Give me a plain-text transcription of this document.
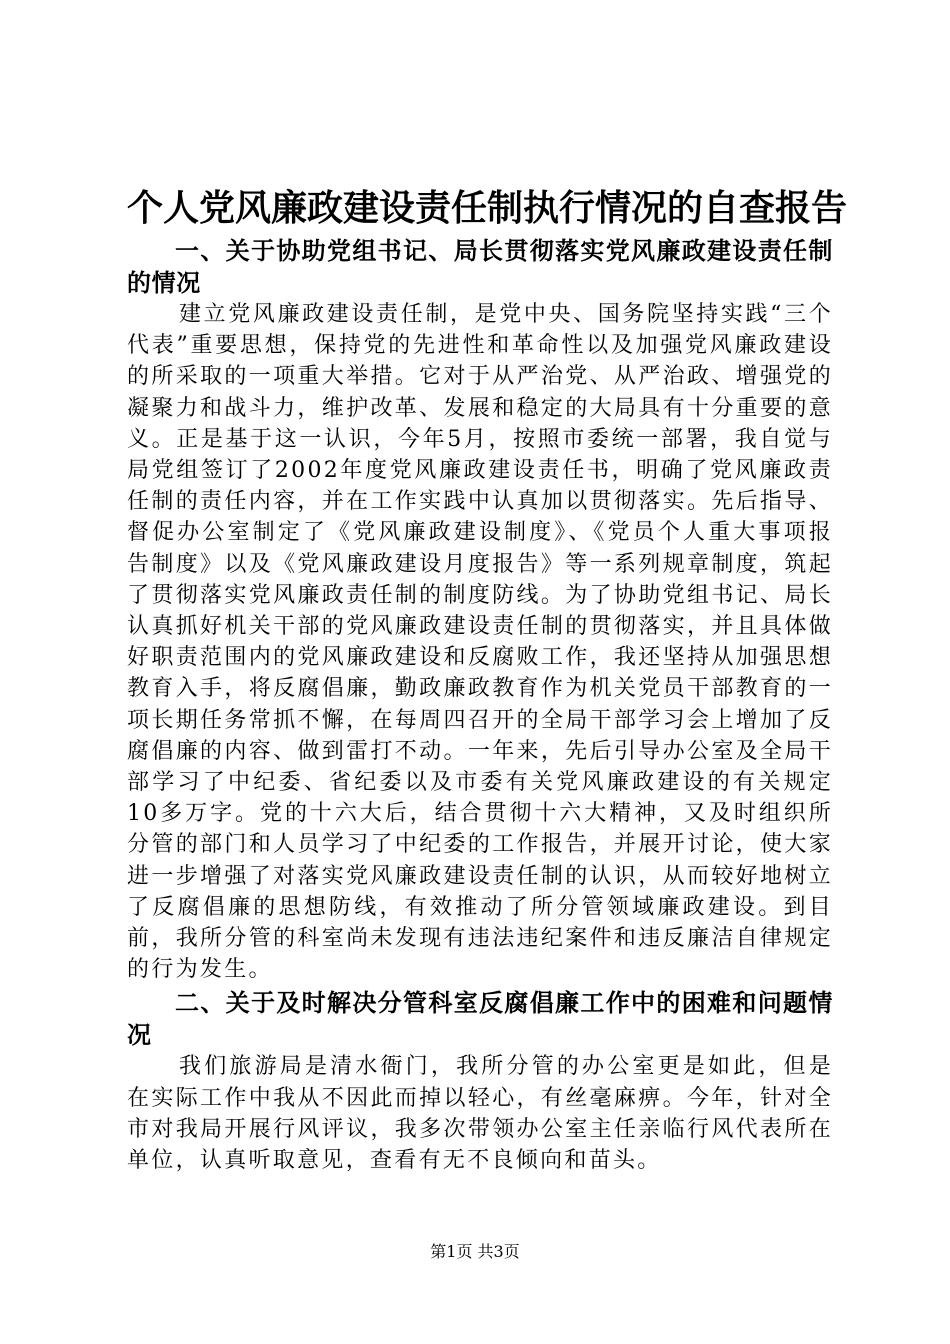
个人党风廉政建设责任制执行情况的自查报告
一、关于协助党组书记、局长贯彻落实党风廉政建设责任制的情况

建立党风廉政建设责任制，是党中央、国务院坚持实践“三个代表”重要思想，保持党的先进性和革命性以及加强党风廉政建设的所采取的一项重大举措。它对于从严治党、从严治政、增强党的凝聚力和战斗力，维护改革、发展和稳定的大局具有十分重要的意义。正是基于这一认识，今年5月，按照市委统一部署，我自觉与局党组签订了2002年度党风廉政建设责任书，明确了党风廉政责任制的责任内容，并在工作实践中认真加以贯彻落实。先后指导、督促办公室制定了《党风廉政建设制度》、《党员个人重大事项报告制度》以及《党风廉政建设月度报告》等一系列规章制度，筑起了贯彻落实党风廉政责任制的制度防线。为了协助党组书记、局长认真抓好机关干部的党风廉政建设责任制的贯彻落实，并且具体做好职责范围内的党风廉政建设和反腐败工作，我还坚持从加强思想教育入手，将反腐倡廉，勤政廉政教育作为机关党员干部教育的一项长期任务常抓不懈，在每周四召开的全局干部学习会上增加了反腐倡廉的内容、做到雷打不动。一年来，先后引导办公室及全局干部学习了中纪委、省纪委以及市委有关党风廉政建设的有关规定10多万字。党的十六大后，结合贯彻十六大精神，又及时组织所分管的部门和人员学习了中纪委的工作报告，并展开讨论，使大家进一步增强了对落实党风廉政建设责任制的认识，从而较好地树立了反腐倡廉的思想防线，有效推动了所分管领域廉政建设。到目前，我所分管的科室尚未发现有违法违纪案件和违反廉洁自律规定的行为发生。

二、关于及时解决分管科室反腐倡廉工作中的困难和问题情况

我们旅游局是清水衙门，我所分管的办公室更是如此，但是在实际工作中我从不因此而掉以轻心，有丝毫麻痹。今年，针对全市对我局开展行风评议，我多次带领办公室主任亲临行风代表所在单位，认真听取意见，查看有无不良倾向和苗头。

第1页 共3页
